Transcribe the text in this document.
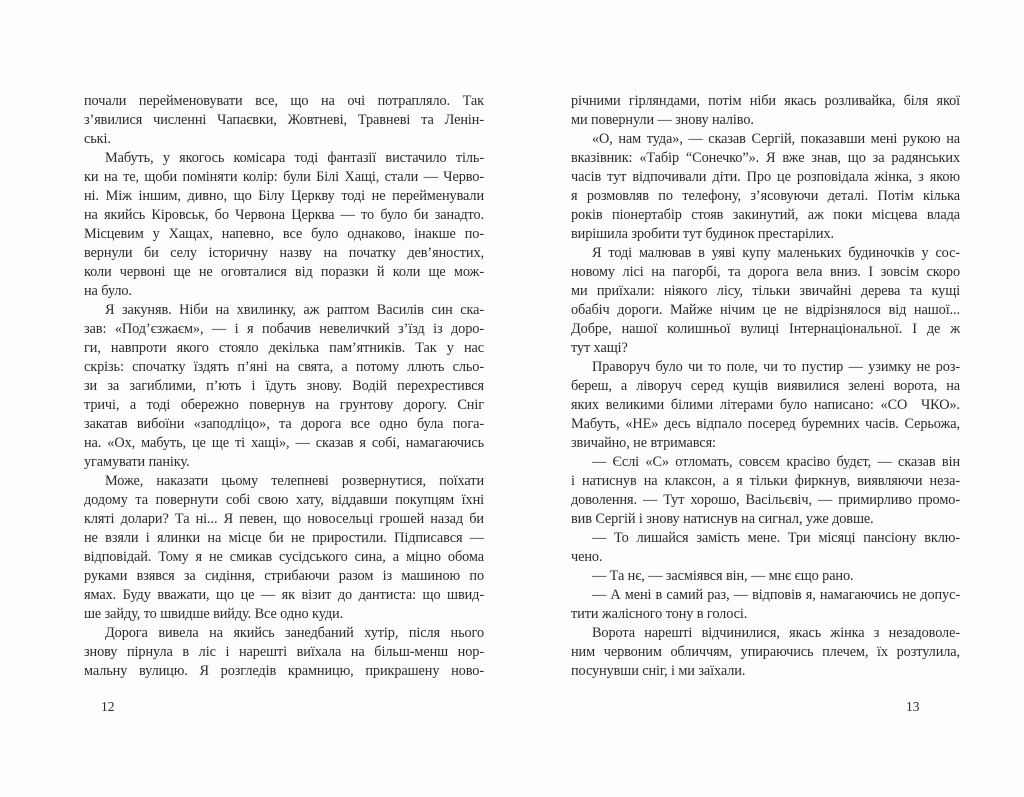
почали перейменовувати все, що на очі потрапляло. Так
з’явилися численні Чапаєвки, Жовтневі, Травневі та Ленін-
ські.
Мабуть, у якогось комісара тоді фантазії вистачило тіль-
ки на те, щоби поміняти колір: були Білі Хащі, стали — Черво-
ні. Між іншим, дивно, що Білу Церкву тоді не перейменували
на якийсь Кіровськ, бо Червона Церква — то було би занадто.
Місцевим у Хащах, напевно, все було однаково, інакше по-
вернули би селу історичну назву на початку дев’яностих,
коли червоні ще не оговталися від поразки й коли ще мож-
на було.
Я закуняв. Ніби на хвилинку, аж раптом Василів син ска-
зав: «Под’єзжаєм», — і я побачив невеличкий з’їзд із доро-
ги, навпроти якого стояло декілька пам’ятників. Так у нас
скрізь: спочатку їздять п’яні на свята, а потому ллють сльо-
зи за загиблими, п’ють і їдуть знову. Водій перехрестився
тричі, а тоді обережно повернув на грунтову дорогу. Сніг
закатав вибоїни «заподліцо», та дорога все одно була пога-
на. «Ох, мабуть, це ще ті хащі», — сказав я собі, намагаючись
угамувати паніку.
Може, наказати цьому телепневі розвернутися, поїхати
додому та повернути собі свою хату, віддавши покупцям їхні
кляті долари? Та ні... Я певен, що новосельці грошей назад би
не взяли і ялинки на місце би не приростили. Підписався —
відповідай. Тому я не смикав сусідського сина, а міцно обома
руками взявся за сидіння, стрибаючи разом із машиною по
ямах. Буду вважати, що це — як візит до дантиста: що швид-
ше зайду, то швидше вийду. Все одно куди.
Дорога вивела на якийсь занедбаний хутір, після нього
знову пірнула в ліс і нарешті виїхала на більш-менш нор-
мальну вулицю. Я розгледів крамницю, прикрашену ново-
12
річними гірляндами, потім ніби якась розливайка, біля якої
ми повернули — знову наліво.
«О, нам туда», — сказав Сергій, показавши мені рукою на
вказівник: «Табір “Сонечко”». Я вже знав, що за радянських
часів тут відпочивали діти. Про це розповідала жінка, з якою
я розмовляв по телефону, з’ясовуючи деталі. Потім кілька
років піонертабір стояв закинутий, аж поки місцева влада
вирішила зробити тут будинок престарілих.
Я тоді малював в уяві купу маленьких будиночків у сос-
новому лісі на пагорбі, та дорога вела вниз. І зовсім скоро
ми приїхали: ніякого лісу, тільки звичайні дерева та кущі
обабіч дороги. Майже нічим це не відрізнялося від нашої...
Добре, нашої колишньої вулиці Інтернаціональної. І де ж
тут хащі?
Праворуч було чи то поле, чи то пустир — узимку не роз-
береш, а ліворуч серед кущів виявилися зелені ворота, на
яких великими білими літерами було написано: «СО  ЧКО».
Мабуть, «НЕ» десь відпало посеред буремних часів. Серьожа,
звичайно, не втримався:
— Єслі «С» отломать, совсєм красіво будєт, — сказав він
і натиснув на клаксон, а я тільки фиркнув, виявляючи неза-
доволення. — Тут хорошо, Васільєвіч, — примирливо промо-
вив Сергій і знову натиснув на сигнал, уже довше.
— То лишайся замість мене. Три місяці пансіону вклю-
чено.
— Та нє, — засміявся він, — мнє єщо рано.
— А мені в самий раз, — відповів я, намагаючись не допус-
тити жалісного тону в голосі.
Ворота нарешті відчинилися, якась жінка з незадоволе-
ним червоним обличчям, упираючись плечем, їх розтулила,
посунувши сніг, і ми заїхали.
13
